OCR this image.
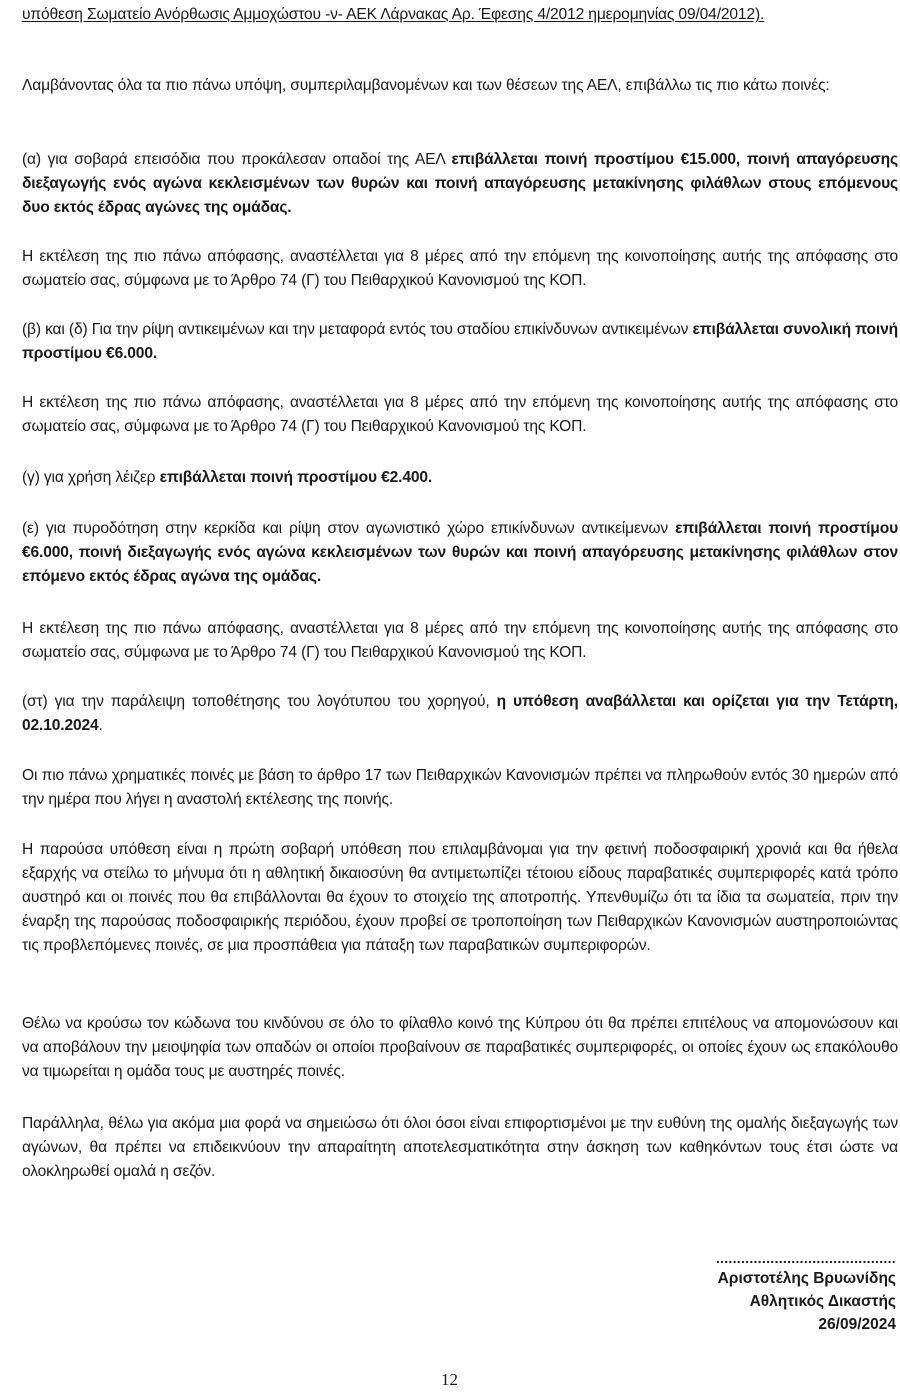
υπόθεση Σωματείο Ανόρθωσις Αμμοχώστου -ν- ΑΕΚ Λάρνακας Αρ. Έφεσης 4/2012 ημερομηνίας 09/04/2012).
Λαμβάνοντας όλα τα πιο πάνω υπόψη, συμπεριλαμβανομένων και των θέσεων της ΑΕΛ, επιβάλλω τις πιο κάτω ποινές:
(α) για σοβαρά επεισόδια που προκάλεσαν οπαδοί της ΑΕΛ επιβάλλεται ποινή προστίμου €15.000, ποινή απαγόρευσης διεξαγωγής ενός αγώνα κεκλεισμένων των θυρών και ποινή απαγόρευσης μετακίνησης φιλάθλων στους επόμενους δυο εκτός έδρας αγώνες της ομάδας.
Η εκτέλεση της πιο πάνω απόφασης, αναστέλλεται για 8 μέρες από την επόμενη της κοινοποίησης αυτής της απόφασης στο σωματείο σας, σύμφωνα με το Άρθρο 74 (Γ) του Πειθαρχικού Κανονισμού της ΚΟΠ.
(β) και (δ) Για την ρίψη αντικειμένων και την μεταφορά εντός του σταδίου επικίνδυνων αντικειμένων επιβάλλεται συνολική ποινή προστίμου €6.000.
Η εκτέλεση της πιο πάνω απόφασης, αναστέλλεται για 8 μέρες από την επόμενη της κοινοποίησης αυτής της απόφασης στο σωματείο σας, σύμφωνα με το Άρθρο 74 (Γ) του Πειθαρχικού Κανονισμού της ΚΟΠ.
(γ) για χρήση λέιζερ επιβάλλεται ποινή προστίμου €2.400.
(ε) για πυροδότηση στην κερκίδα και ρίψη στον αγωνιστικό χώρο επικίνδυνων αντικείμενων επιβάλλεται ποινή προστίμου €6.000, ποινή διεξαγωγής ενός αγώνα κεκλεισμένων των θυρών και ποινή απαγόρευσης μετακίνησης φιλάθλων στον επόμενο εκτός έδρας αγώνα της ομάδας.
Η εκτέλεση της πιο πάνω απόφασης, αναστέλλεται για 8 μέρες από την επόμενη της κοινοποίησης αυτής της απόφασης στο σωματείο σας, σύμφωνα με το Άρθρο 74 (Γ) του Πειθαρχικού Κανονισμού της ΚΟΠ.
(στ) για την παράλειψη τοποθέτησης του λογότυπου του χορηγού, η υπόθεση αναβάλλεται και ορίζεται για την Τετάρτη, 02.10.2024.
Οι πιο πάνω χρηματικές ποινές με βάση το άρθρο 17 των Πειθαρχικών Κανονισμών πρέπει να πληρωθούν εντός 30 ημερών από την ημέρα που λήγει η αναστολή εκτέλεσης της ποινής.
Η παρούσα υπόθεση είναι η πρώτη σοβαρή υπόθεση που επιλαμβάνομαι για την φετινή ποδοσφαιρική χρονιά και θα ήθελα εξαρχής να στείλω το μήνυμα ότι η αθλητική δικαιοσύνη θα αντιμετωπίζει τέτοιου είδους παραβατικές συμπεριφορές κατά τρόπο αυστηρό και οι ποινές που θα επιβάλλονται θα έχουν το στοιχείο της αποτροπής. Υπενθυμίζω ότι τα ίδια τα σωματεία, πριν την έναρξη της παρούσας ποδοσφαιρικής περιόδου, έχουν προβεί σε τροποποίηση των Πειθαρχικών Κανονισμών αυστηροποιώντας τις προβλεπόμενες ποινές, σε μια προσπάθεια για πάταξη των παραβατικών συμπεριφορών.
Θέλω να κρούσω τον κώδωνα του κινδύνου σε όλο το φίλαθλο κοινό της Κύπρου ότι θα πρέπει επιτέλους να απομονώσουν και να αποβάλουν την μειοψηφία των οπαδών οι οποίοι προβαίνουν σε παραβατικές συμπεριφορές, οι οποίες έχουν ως επακόλουθο να τιμωρείται η ομάδα τους με αυστηρές ποινές.
Παράλληλα, θέλω για ακόμα μια φορά να σημειώσω ότι όλοι όσοι είναι επιφορτισμένοι με την ευθύνη της ομαλής διεξαγωγής των αγώνων, θα πρέπει να επιδεικνύουν την απαραίτητη αποτελεσματικότητα στην άσκηση των καθηκόντων τους έτσι ώστε να ολοκληρωθεί ομαλά η σεζόν.
...........................................
Αριστοτέλης Βρυωνίδης
Αθλητικός Δικαστής
26/09/2024
12
